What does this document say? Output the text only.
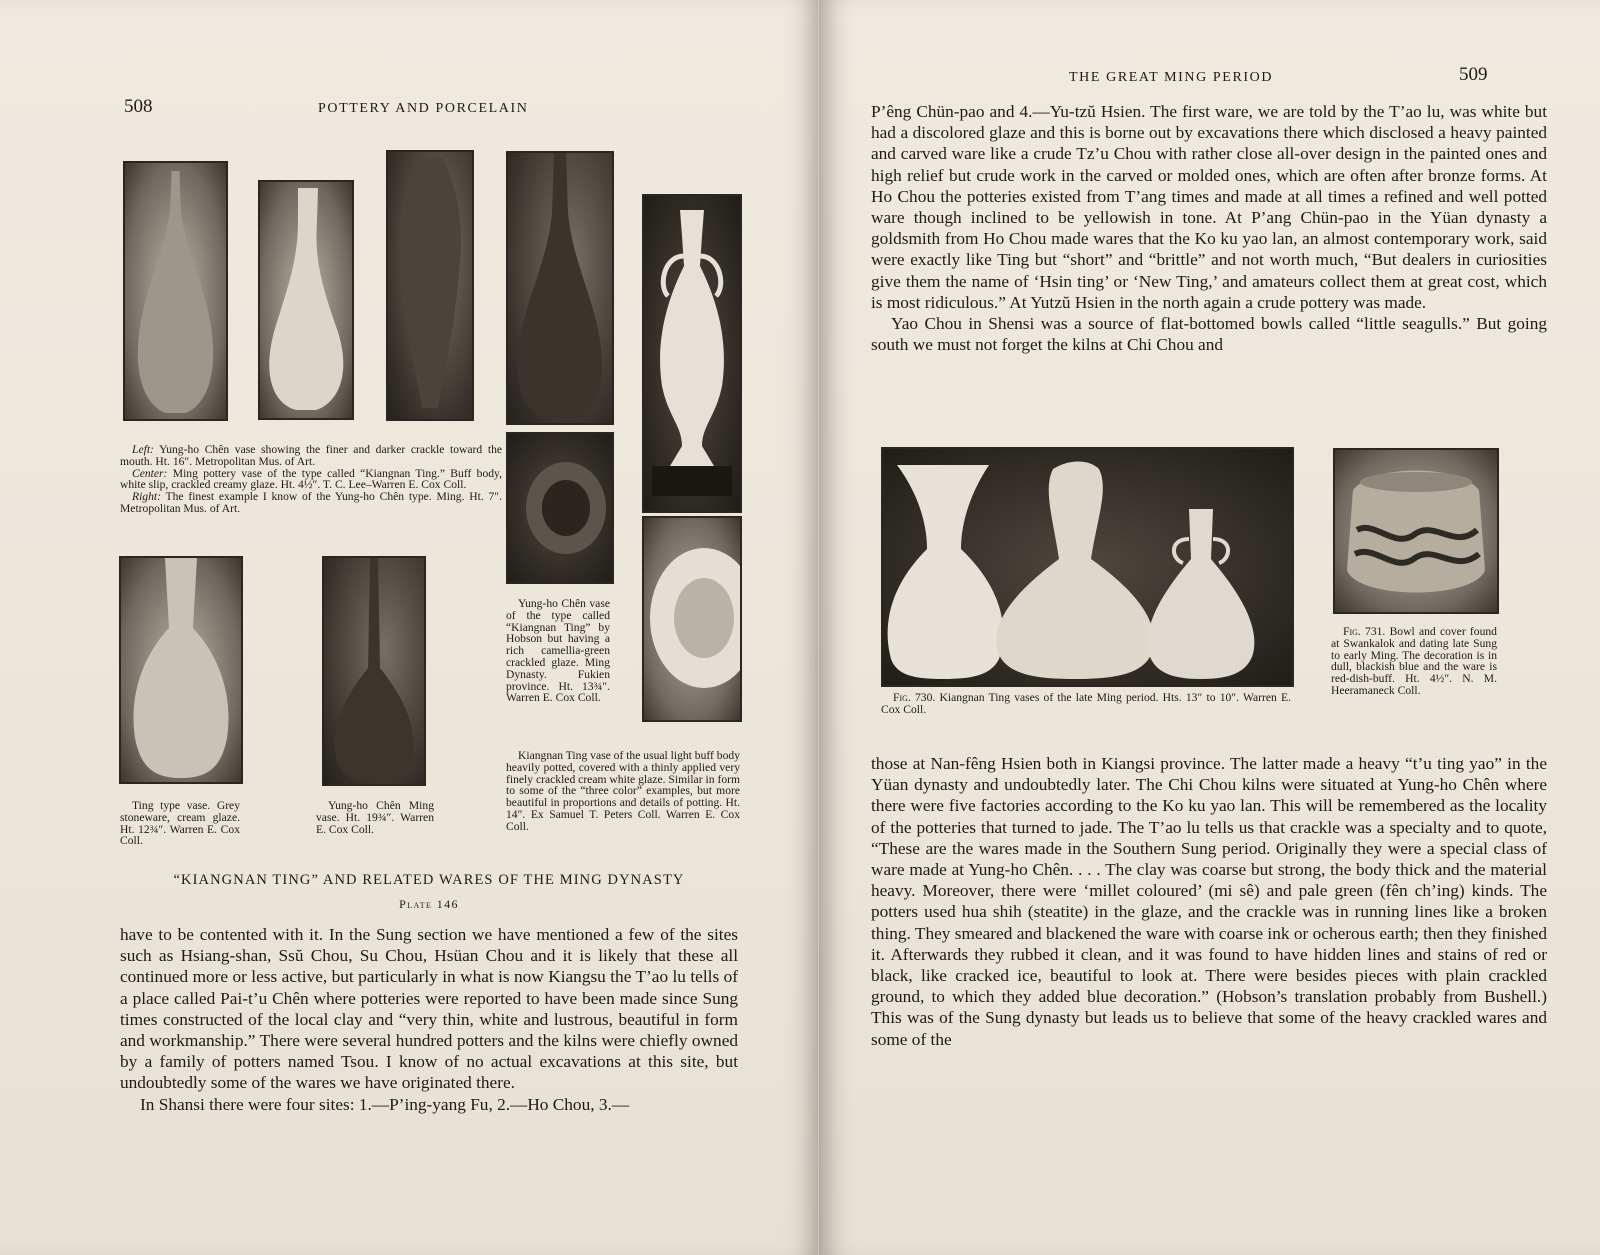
508	POTTERY AND PORCELAIN

Left: Yung-ho Chên vase showing the finer and darker crackle toward the mouth. Ht. 16″. Metropolitan Mus. of Art.

Center: Ming pottery vase of the type called “Kiangnan Ting.” Buff body, white slip, crackled creamy glaze. Ht. 4½″. T. C. Lee–Warren E. Cox Coll.

Right: The finest example I know of the Yung-ho Chên type. Ming. Ht. 7″. Metropolitan Mus. of Art.

Ting type vase. Grey stoneware, cream glaze. Ht. 12¾″. Warren E. Cox Coll.

Yung-ho Chên Ming vase. Ht. 19¾″. Warren E. Cox Coll.

Yung-ho Chên vase of the type called “Kiangnan Ting” by Hobson but having a rich camellia-green crackled glaze. Ming Dynasty. Fukien province. Ht. 13¾″. Warren E. Cox Coll.

Kiangnan Ting vase of the usual light buff body heavily potted, covered with a thinly applied very finely crackled cream white glaze. Similar in form to some of the “three color” examples, but more beautiful in proportions and details of potting. Ht. 14″. Ex Samuel T. Peters Coll. Warren E. Cox Coll.

“KIANGNAN TING” AND RELATED WARES OF THE MING DYNASTY
Plate 146

have to be contented with it. In the Sung section we have mentioned a few of the sites such as Hsiang-shan, Ssŭ Chou, Su Chou, Hsüan Chou and it is likely that these all continued more or less active, but particularly in what is now Kiangsu the T’ao lu tells of a place called Pai-t’u Chên where potteries were reported to have been made since Sung times constructed of the local clay and “very thin, white and lustrous, beautiful in form and workmanship.” There were several hundred potters and the kilns were chiefly owned by a family of potters named Tsou. I know of no actual excavations at this site, but undoubtedly some of the wares we have originated there.

In Shansi there were four sites: 1.—P’ing-yang Fu, 2.—Ho Chou, 3.—

THE GREAT MING PERIOD	509

P’êng Chün-pao and 4.—Yu-tzŭ Hsien. The first ware, we are told by the T’ao lu, was white but had a discolored glaze and this is borne out by excavations there which disclosed a heavy painted and carved ware like a crude Tz’u Chou with rather close all-over design in the painted ones and high relief but crude work in the carved or molded ones, which are often after bronze forms. At Ho Chou the potteries existed from T’ang times and made at all times a refined and well potted ware though inclined to be yellowish in tone. At P’ang Chün-pao in the Yüan dynasty a goldsmith from Ho Chou made wares that the Ko ku yao lan, an almost contemporary work, said were exactly like Ting but “short” and “brittle” and not worth much, “But dealers in curiosities give them the name of ‘Hsin ting’ or ‘New Ting,’ and amateurs collect them at great cost, which is most ridiculous.” At Yutzŭ Hsien in the north again a crude pottery was made.

Yao Chou in Shensi was a source of flat-bottomed bowls called “little seagulls.” But going south we must not forget the kilns at Chi Chou and

Fig. 730. Kiangnan Ting vases of the late Ming period. Hts. 13″ to 10″. Warren E. Cox Coll.

Fig. 731. Bowl and cover found at Swankalok and dating late Sung to early Ming. The decoration is in dull, blackish blue and the ware is red-dish-buff. Ht. 4½″. N. M. Heeramaneck Coll.

those at Nan-fêng Hsien both in Kiangsi province. The latter made a heavy “t’u ting yao” in the Yüan dynasty and undoubtedly later. The Chi Chou kilns were situated at Yung-ho Chên where there were five factories according to the Ko ku yao lan. This will be remembered as the locality of the potteries that turned to jade. The T’ao lu tells us that crackle was a specialty and to quote, “These are the wares made in the Southern Sung period. Originally they were a special class of ware made at Yung-ho Chên. . . . The clay was coarse but strong, the body thick and the material heavy. Moreover, there were ‘millet coloured’ (mi sê) and pale green (fên ch’ing) kinds. The potters used hua shih (steatite) in the glaze, and the crackle was in running lines like a broken thing. They smeared and blackened the ware with coarse ink or ocherous earth; then they finished it. Afterwards they rubbed it clean, and it was found to have hidden lines and stains of red or black, like cracked ice, beautiful to look at. There were besides pieces with plain crackled ground, to which they added blue decoration.” (Hobson’s translation probably from Bushell.) This was of the Sung dynasty but leads us to believe that some of the heavy crackled wares and some of the
